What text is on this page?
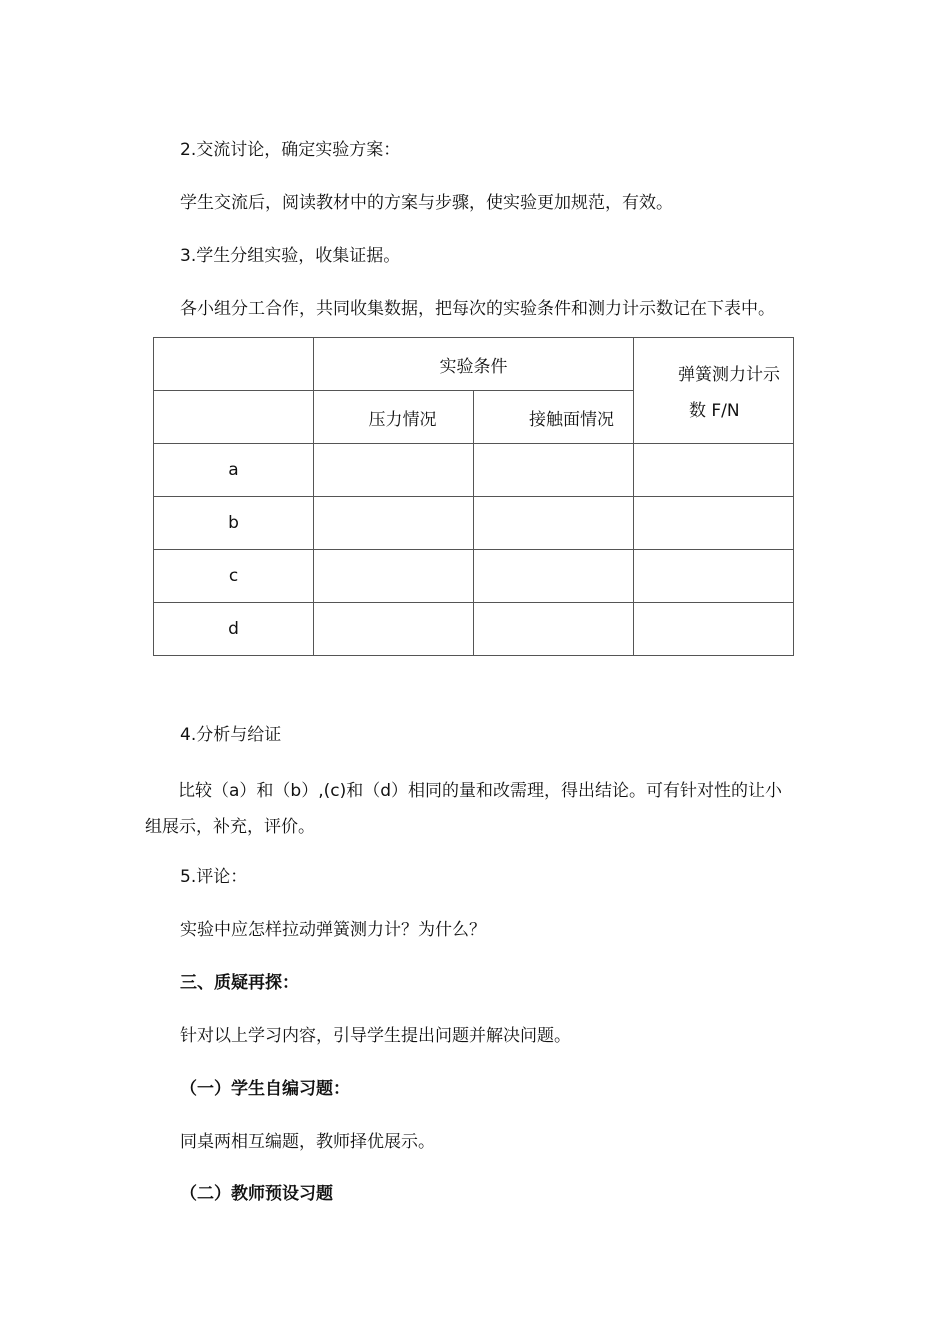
2.交流讨论，确定实验方案：
学生交流后，阅读教材中的方案与步骤，使实验更加规范，有效。
3.学生分组实验，收集证据。
各小组分工合作，共同收集数据，把每次的实验条件和测力计示数记在下表中。

	实验条件		弹簧测力计示
数 F/N

	压力情况	接触面情况	
a			
b			
c			
d			
4.分析与给证
比较（a）和（b）,(c)和（d）相同的量和改需理，得出结论。可有针对性的让小
组展示，补充，评价。
5.评论：
实验中应怎样拉动弹簧测力计？为什么？
三、质疑再探：
针对以上学习内容，引导学生提出问题并解决问题。
（一）学生自编习题：
同桌两相互编题，教师择优展示。
（二）教师预设习题
